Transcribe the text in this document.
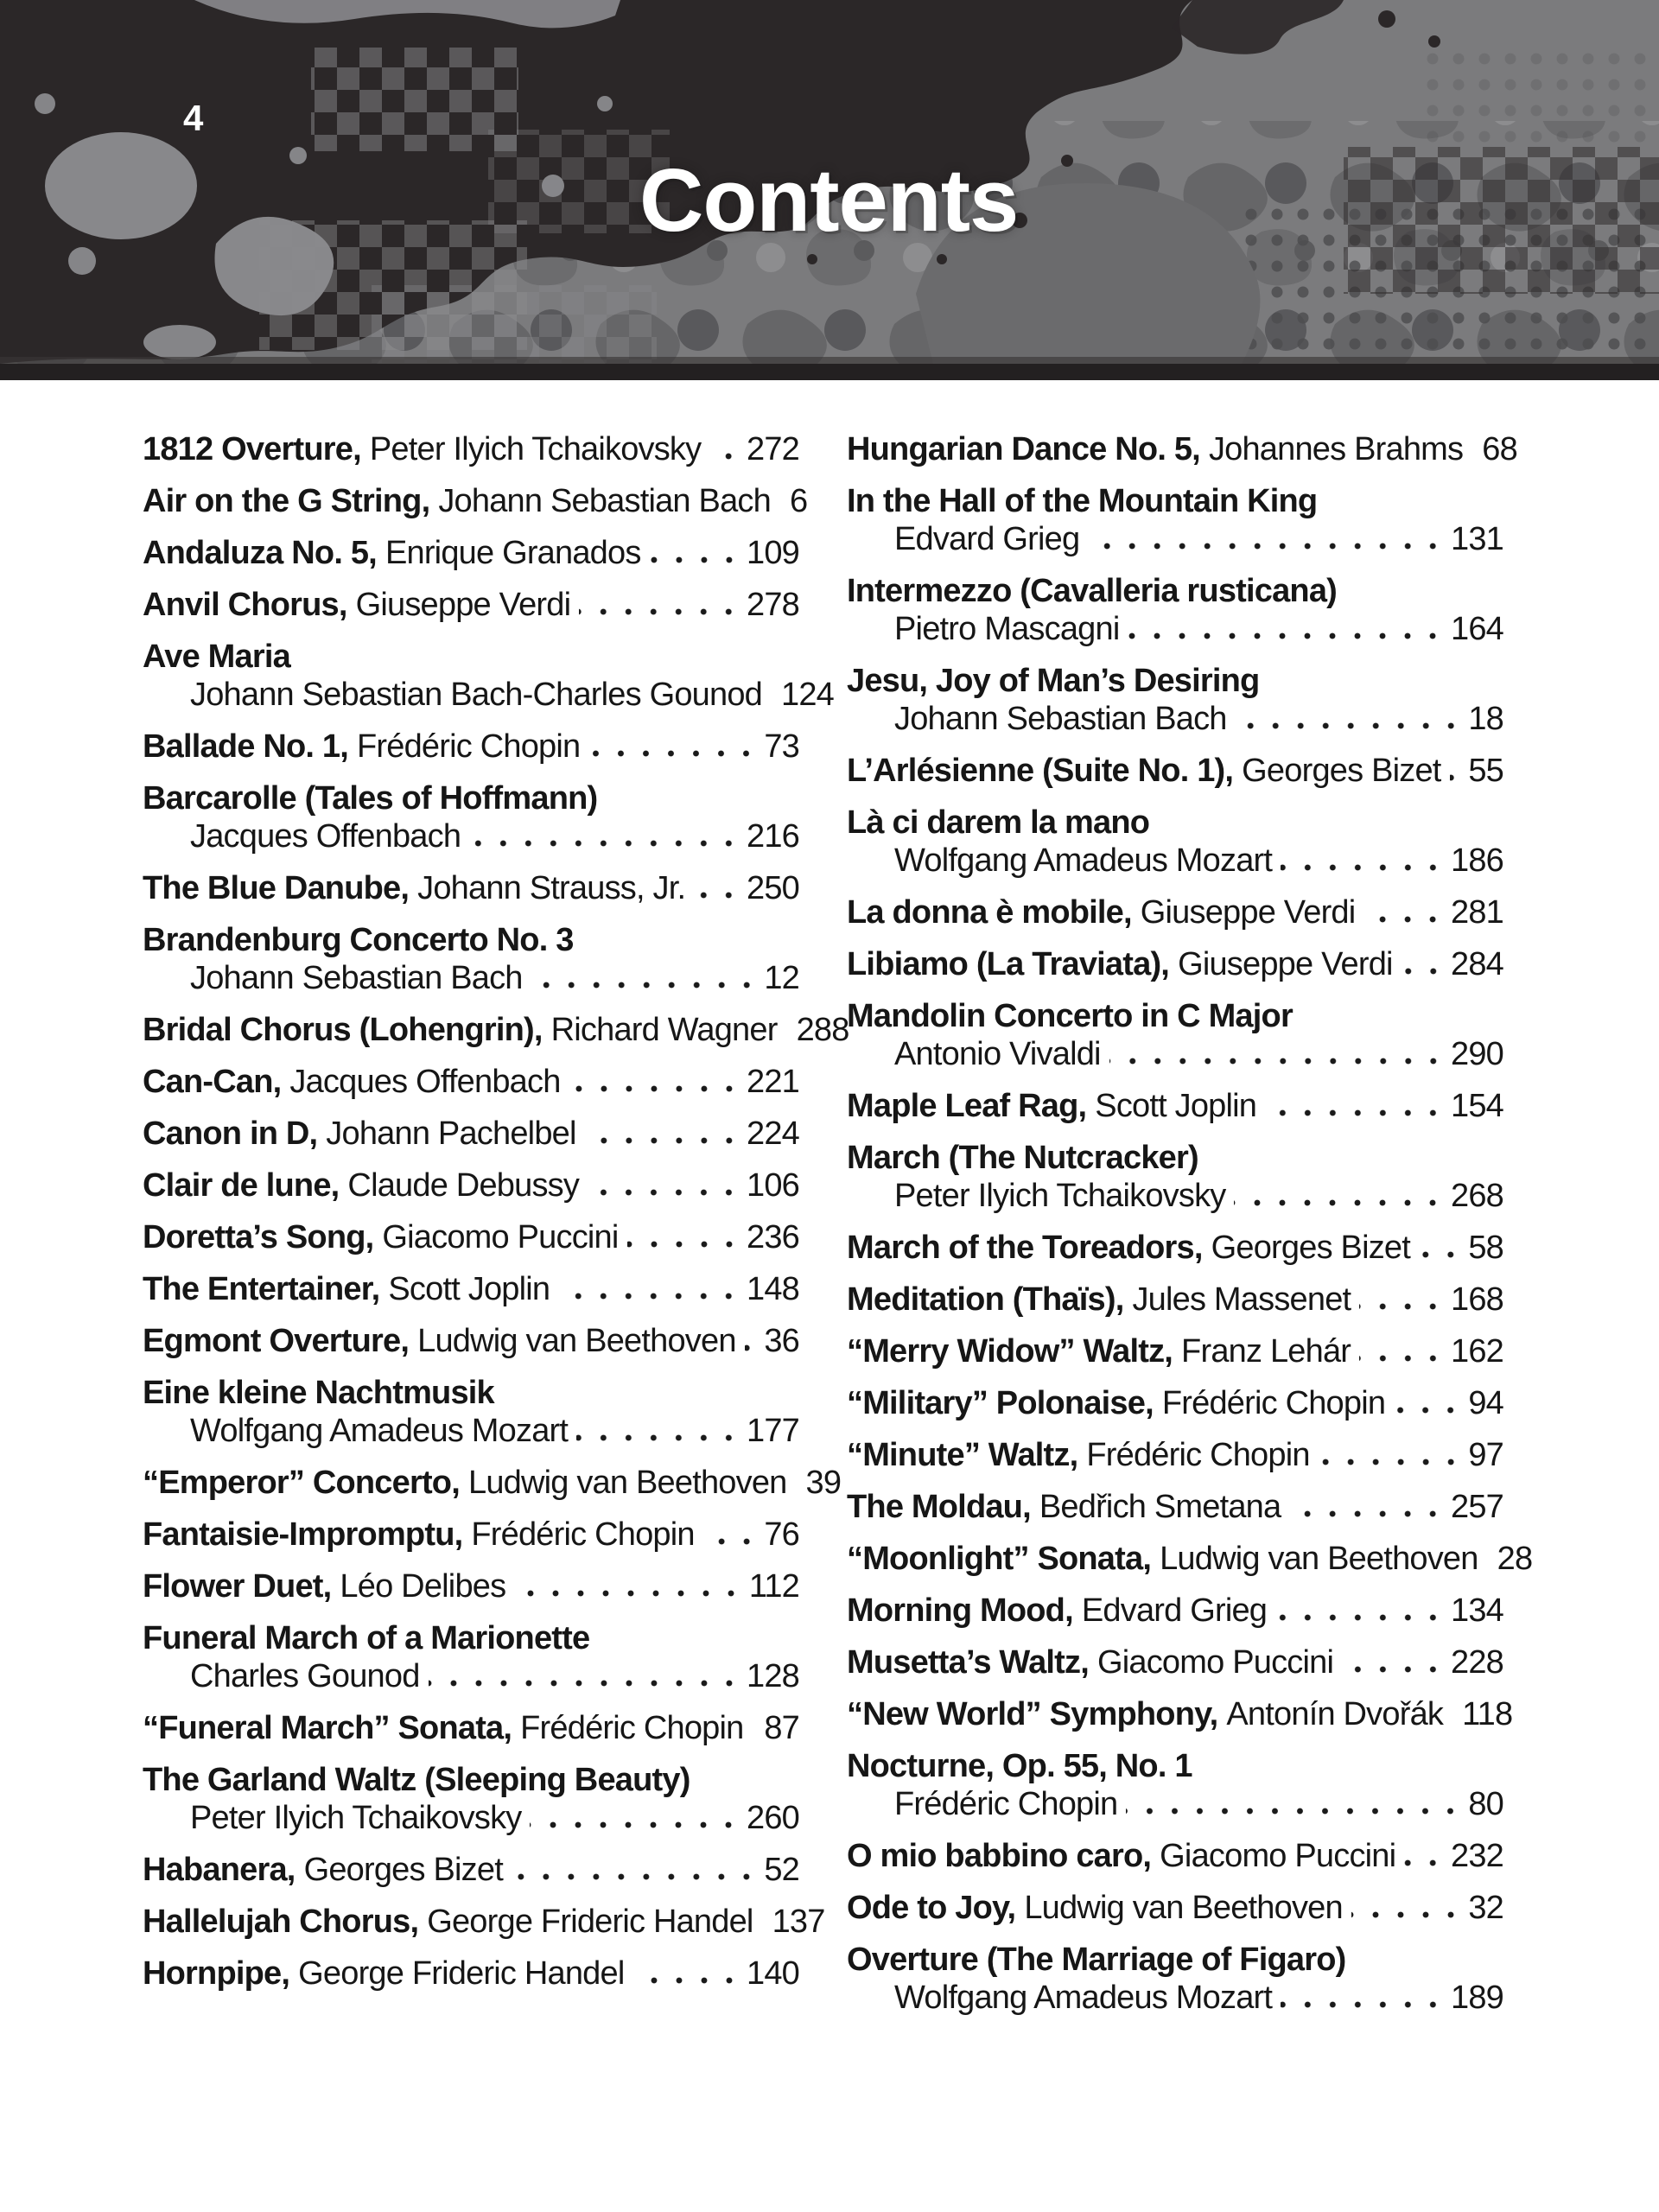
4
Contents
1812 Overture, Peter Ilyich Tchaikovsky 272
Air on the G String, Johann Sebastian Bach 6
Andaluza No. 5, Enrique Granados	109
Anvil Chorus, Giuseppe Verdi	278
Ave Maria
Johann Sebastian Bach-Charles Gounod 124
Ballade No. 1, Frédéric Chopin	73
Barcarolle (Tales of Hoffmann)
Jacques Offenbach	216
The Blue Danube, Johann Strauss, Jr. 250
Brandenburg Concerto No. 3
Johann Sebastian Bach	12
Bridal Chorus (Lohengrin), Richard Wagner 288
Can-Can, Jacques Offenbach	221
Canon in D, Johann Pachelbel	224
Clair de lune, Claude Debussy	106
Doretta’s Song, Giacomo Puccini	236
The Entertainer, Scott Joplin	148
Egmont Overture, Ludwig van Beethoven 36
Eine kleine Nachtmusik
Wolfgang Amadeus Mozart	177
“Emperor” Concerto, Ludwig van Beethoven 39
Fantaisie-Impromptu, Frédéric Chopin 76
Flower Duet, Léo Delibes	112
Funeral March of a Marionette
Charles Gounod	128
“Funeral March” Sonata, Frédéric Chopin 87
The Garland Waltz (Sleeping Beauty)
Peter Ilyich Tchaikovsky	260
Habanera, Georges Bizet	52
Hallelujah Chorus, George Frideric Handel 137
Hornpipe, George Frideric Handel	140
Hungarian Dance No. 5, Johannes Brahms 68
In the Hall of the Mountain King
Edvard Grieg	131
Intermezzo (Cavalleria rusticana)
Pietro Mascagni	164
Jesu, Joy of Man’s Desiring
Johann Sebastian Bach	18
L’Arlésienne (Suite No. 1), Georges Bizet 55
Là ci darem la mano
Wolfgang Amadeus Mozart	186
La donna è mobile, Giuseppe Verdi	281
Libiamo (La Traviata), Giuseppe Verdi 284
Mandolin Concerto in C Major
Antonio Vivaldi	290
Maple Leaf Rag, Scott Joplin	154
March (The Nutcracker)
Peter Ilyich Tchaikovsky	268
March of the Toreadors, Georges Bizet 58
Meditation (Thaïs), Jules Massenet	168
“Merry Widow” Waltz, Franz Lehár	162
“Military” Polonaise, Frédéric Chopin	94
“Minute” Waltz, Frédéric Chopin	97
The Moldau, Bedřich Smetana	257
“Moonlight” Sonata, Ludwig van Beethoven 28
Morning Mood, Edvard Grieg	134
Musetta’s Waltz, Giacomo Puccini	228
“New World” Symphony, Antonín Dvořák 118
Nocturne, Op. 55, No. 1
Frédéric Chopin	80
O mio babbino caro, Giacomo Puccini 232
Ode to Joy, Ludwig van Beethoven	32
Overture (The Marriage of Figaro)
Wolfgang Amadeus Mozart	189
